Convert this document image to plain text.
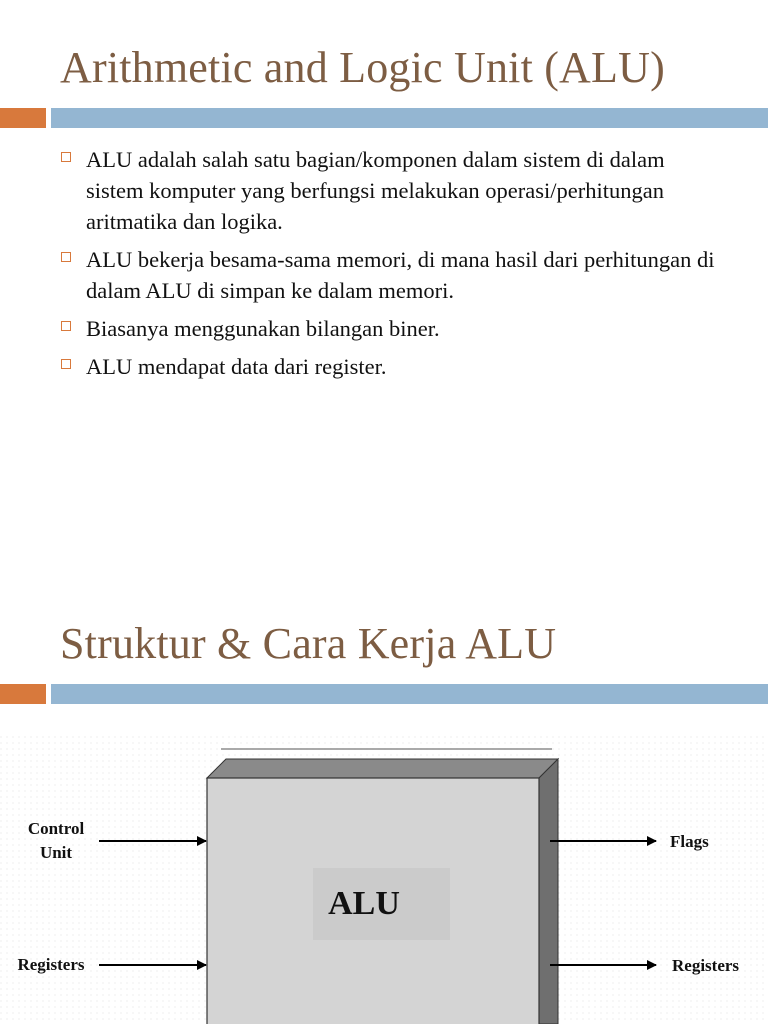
Arithmetic and Logic Unit (ALU)
ALU adalah salah satu bagian/komponen dalam sistem di dalam sistem komputer yang berfungsi melakukan operasi/perhitungan aritmatika dan logika.
ALU bekerja besama-sama memori, di mana hasil dari perhitungan di dalam ALU di simpan ke dalam memori.
Biasanya menggunakan bilangan biner.
ALU mendapat data dari register.
Struktur & Cara Kerja ALU
ALU
Control
Unit
Registers
Flags
Registers
